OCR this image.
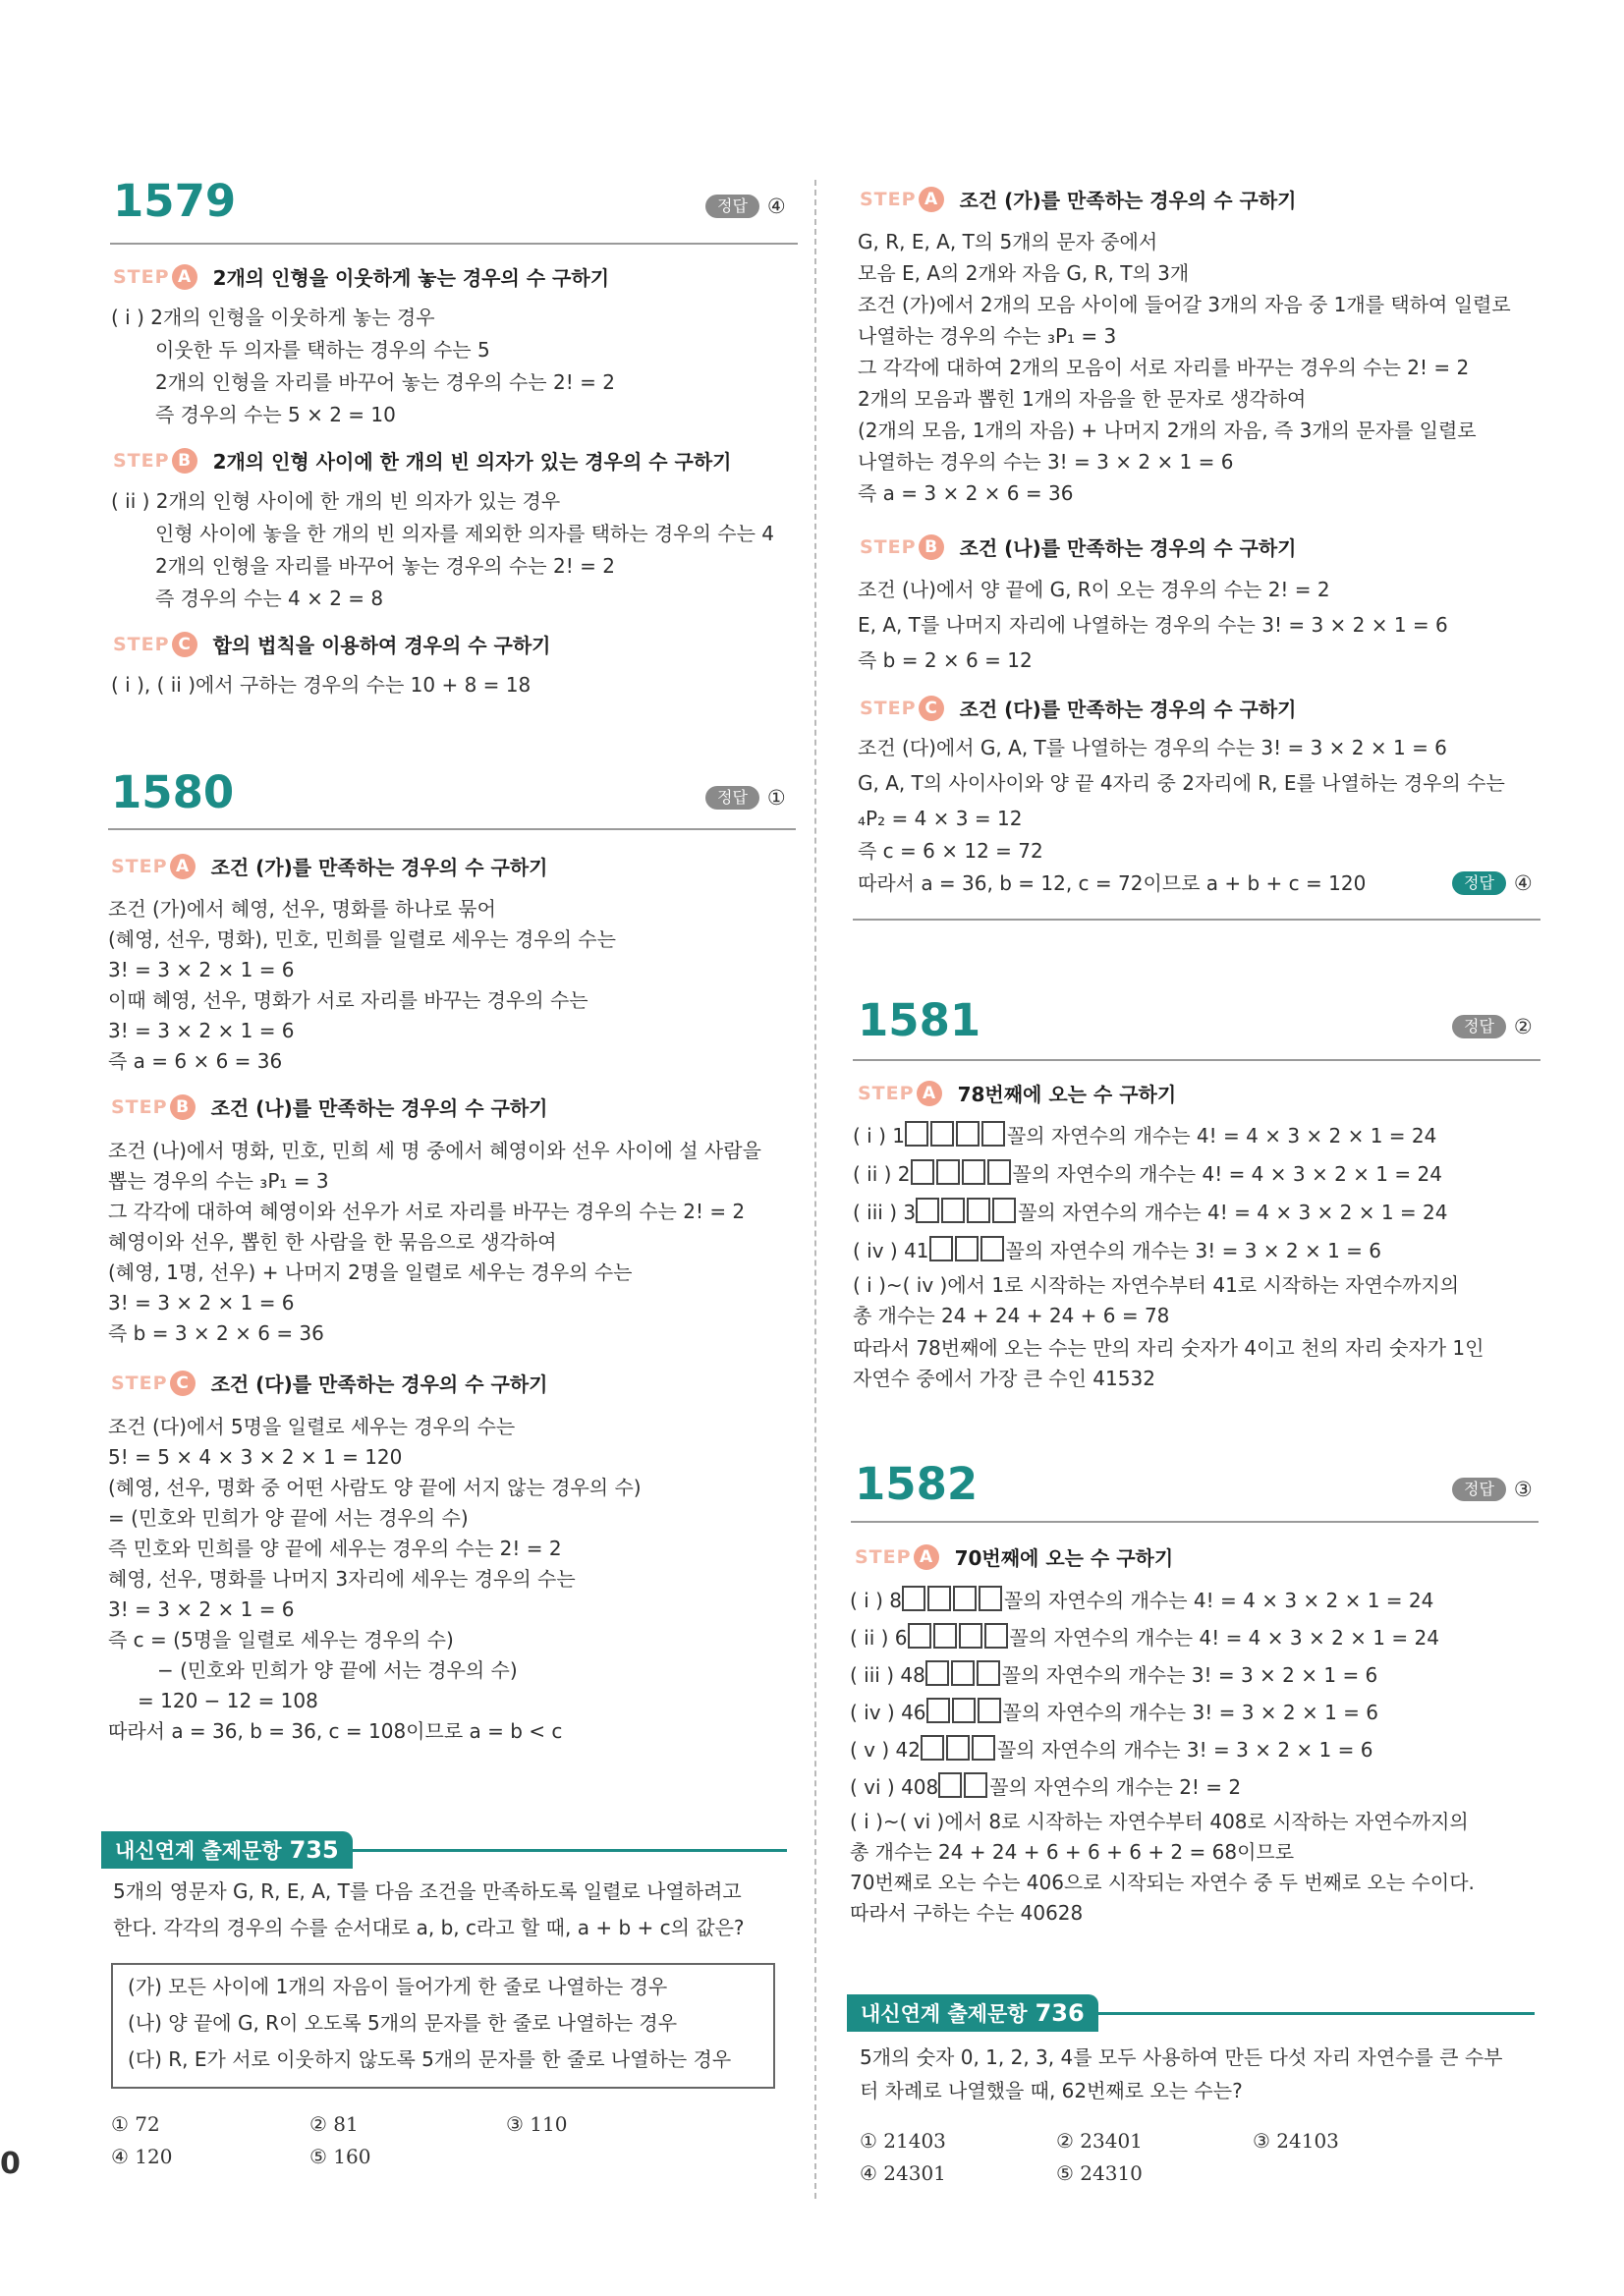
0
1579	정답 ④
STEP A	2개의 인형을 이웃하게 놓는 경우의 수 구하기
( i ) 2개의 인형을 이웃하게 놓는 경우
이웃한 두 의자를 택하는 경우의 수는 5
2개의 인형을 자리를 바꾸어 놓는 경우의 수는 2! = 2
즉 경우의 수는 5 × 2 = 10
STEP B	2개의 인형 사이에 한 개의 빈 의자가 있는 경우의 수 구하기
( ii ) 2개의 인형 사이에 한 개의 빈 의자가 있는 경우
인형 사이에 놓을 한 개의 빈 의자를 제외한 의자를 택하는 경우의 수는 4
2개의 인형을 자리를 바꾸어 놓는 경우의 수는 2! = 2
즉 경우의 수는 4 × 2 = 8
STEP C	합의 법칙을 이용하여 경우의 수 구하기
( i ), ( ii )에서 구하는 경우의 수는 10 + 8 = 18
1580	정답 ①
STEP A	조건 (가)를 만족하는 경우의 수 구하기
조건 (가)에서 혜영, 선우, 명화를 하나로 묶어
(혜영, 선우, 명화), 민호, 민희를 일렬로 세우는 경우의 수는
3! = 3 × 2 × 1 = 6
이때 혜영, 선우, 명화가 서로 자리를 바꾸는 경우의 수는
3! = 3 × 2 × 1 = 6
즉 a = 6 × 6 = 36
STEP B	조건 (나)를 만족하는 경우의 수 구하기
조건 (나)에서 명화, 민호, 민희 세 명 중에서 혜영이와 선우 사이에 설 사람을
뽑는 경우의 수는 ₃P₁ = 3
그 각각에 대하여 혜영이와 선우가 서로 자리를 바꾸는 경우의 수는 2! = 2
혜영이와 선우, 뽑힌 한 사람을 한 묶음으로 생각하여
(혜영, 1명, 선우) + 나머지 2명을 일렬로 세우는 경우의 수는
3! = 3 × 2 × 1 = 6
즉 b = 3 × 2 × 6 = 36
STEP C	조건 (다)를 만족하는 경우의 수 구하기
조건 (다)에서 5명을 일렬로 세우는 경우의 수는
5! = 5 × 4 × 3 × 2 × 1 = 120
(혜영, 선우, 명화 중 어떤 사람도 양 끝에 서지 않는 경우의 수)
= (민호와 민희가 양 끝에 서는 경우의 수)
즉 민호와 민희를 양 끝에 세우는 경우의 수는 2! = 2
혜영, 선우, 명화를 나머지 3자리에 세우는 경우의 수는
3! = 3 × 2 × 1 = 6
즉 c = (5명을 일렬로 세우는 경우의 수)
− (민호와 민희가 양 끝에 서는 경우의 수)
= 120 − 12 = 108
따라서 a = 36, b = 36, c = 108이므로 a = b < c
내신연계 출제문항 735
5개의 영문자 G, R, E, A, T를 다음 조건을 만족하도록 일렬로 나열하려고
한다. 각각의 경우의 수를 순서대로 a, b, c라고 할 때, a + b + c의 값은?
(가) 모든 사이에 1개의 자음이 들어가게 한 줄로 나열하는 경우
(나) 양 끝에 G, R이 오도록 5개의 문자를 한 줄로 나열하는 경우
(다) R, E가 서로 이웃하지 않도록 5개의 문자를 한 줄로 나열하는 경우
① 72	② 81	③ 110
④ 120	⑤ 160
STEP A	조건 (가)를 만족하는 경우의 수 구하기
G, R, E, A, T의 5개의 문자 중에서
모음 E, A의 2개와 자음 G, R, T의 3개
조건 (가)에서 2개의 모음 사이에 들어갈 3개의 자음 중 1개를 택하여 일렬로
나열하는 경우의 수는 ₃P₁ = 3
그 각각에 대하여 2개의 모음이 서로 자리를 바꾸는 경우의 수는 2! = 2
2개의 모음과 뽑힌 1개의 자음을 한 문자로 생각하여
(2개의 모음, 1개의 자음) + 나머지 2개의 자음, 즉 3개의 문자를 일렬로
나열하는 경우의 수는 3! = 3 × 2 × 1 = 6
즉 a = 3 × 2 × 6 = 36
STEP B	조건 (나)를 만족하는 경우의 수 구하기
조건 (나)에서 양 끝에 G, R이 오는 경우의 수는 2! = 2
E, A, T를 나머지 자리에 나열하는 경우의 수는 3! = 3 × 2 × 1 = 6
즉 b = 2 × 6 = 12
STEP C	조건 (다)를 만족하는 경우의 수 구하기
조건 (다)에서 G, A, T를 나열하는 경우의 수는 3! = 3 × 2 × 1 = 6
G, A, T의 사이사이와 양 끝 4자리 중 2자리에 R, E를 나열하는 경우의 수는
₄P₂ = 4 × 3 = 12
즉 c = 6 × 12 = 72
따라서 a = 36, b = 12, c = 72이므로 a + b + c = 120	정답 ④
1581	정답 ②
STEP A	78번째에 오는 수 구하기
( i ) 1	꼴의 자연수의 개수는 4! = 4 × 3 × 2 × 1 = 24
( ii ) 2	꼴의 자연수의 개수는 4! = 4 × 3 × 2 × 1 = 24
( iii ) 3	꼴의 자연수의 개수는 4! = 4 × 3 × 2 × 1 = 24
( iv ) 41	꼴의 자연수의 개수는 3! = 3 × 2 × 1 = 6
( i )~( iv )에서 1로 시작하는 자연수부터 41로 시작하는 자연수까지의
총 개수는 24 + 24 + 24 + 6 = 78
따라서 78번째에 오는 수는 만의 자리 숫자가 4이고 천의 자리 숫자가 1인
자연수 중에서 가장 큰 수인 41532
1582	정답 ③
STEP A	70번째에 오는 수 구하기
( i ) 8	꼴의 자연수의 개수는 4! = 4 × 3 × 2 × 1 = 24
( ii ) 6	꼴의 자연수의 개수는 4! = 4 × 3 × 2 × 1 = 24
( iii ) 48	꼴의 자연수의 개수는 3! = 3 × 2 × 1 = 6
( iv ) 46	꼴의 자연수의 개수는 3! = 3 × 2 × 1 = 6
( v ) 42	꼴의 자연수의 개수는 3! = 3 × 2 × 1 = 6
( vi ) 408	꼴의 자연수의 개수는 2! = 2
( i )~( vi )에서 8로 시작하는 자연수부터 408로 시작하는 자연수까지의
총 개수는 24 + 24 + 6 + 6 + 6 + 2 = 68이므로
70번째로 오는 수는 406으로 시작되는 자연수 중 두 번째로 오는 수이다.
따라서 구하는 수는 40628
내신연계 출제문항 736
5개의 숫자 0, 1, 2, 3, 4를 모두 사용하여 만든 다섯 자리 자연수를 큰 수부
터 차례로 나열했을 때, 62번째로 오는 수는?
① 21403	② 23401	③ 24103
④ 24301	⑤ 24310
